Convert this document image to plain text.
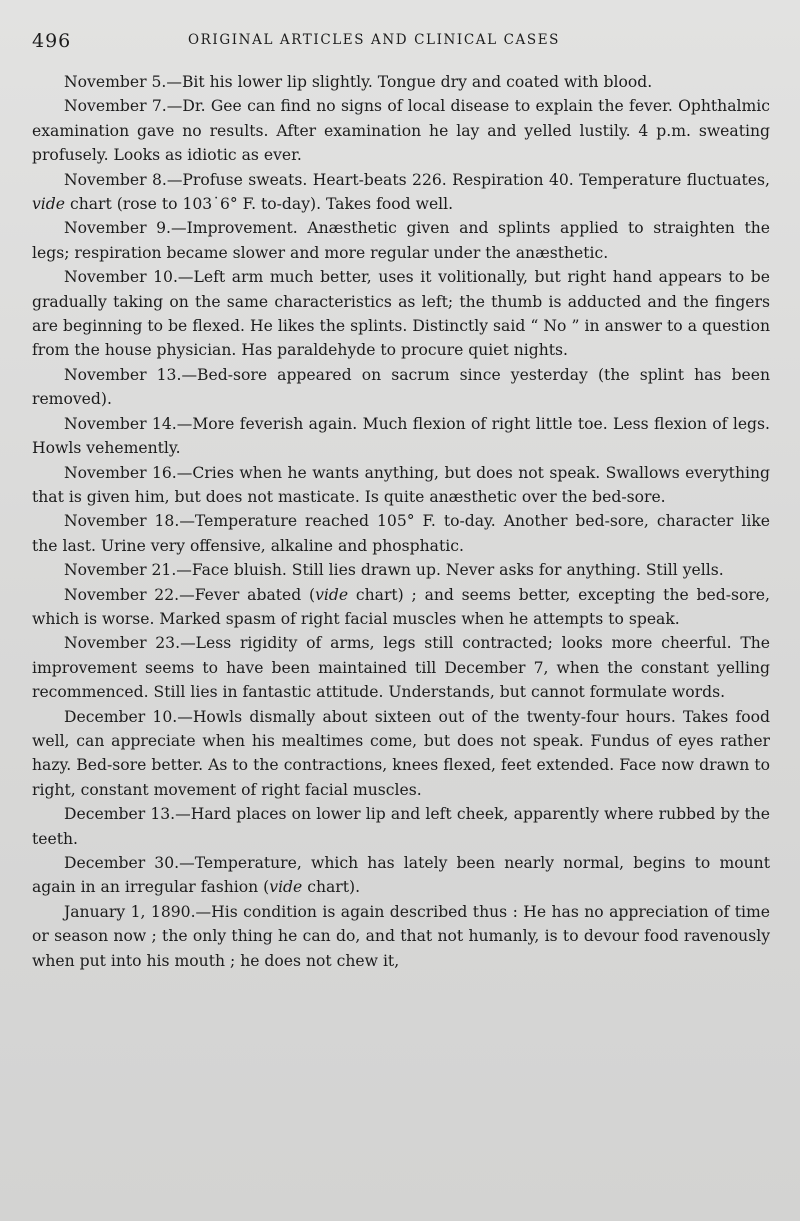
496	ORIGINAL ARTICLES AND CLINICAL CASES

November 5.—Bit his lower lip slightly. Tongue dry and coated with blood.

November 7.—Dr. Gee can find no signs of local disease to explain the fever. Ophthalmic examination gave no results. After examination he lay and yelled lustily. 4 p.m. sweating profusely. Looks as idiotic as ever.

November 8.—Profuse sweats. Heart-beats 226. Respiration 40. Temperature fluctuates, vide chart (rose to 103˙6° F. to-day). Takes food well.

November 9.—Improvement. Anæsthetic given and splints applied to straighten the legs; respiration became slower and more regular under the anæsthetic.

November 10.—Left arm much better, uses it volitionally, but right hand appears to be gradually taking on the same characteristics as left; the thumb is adducted and the fingers are beginning to be flexed. He likes the splints. Distinctly said “ No ” in answer to a question from the house physician. Has paraldehyde to procure quiet nights.

November 13.—Bed-sore appeared on sacrum since yesterday (the splint has been removed).

November 14.—More feverish again. Much flexion of right little toe. Less flexion of legs. Howls vehemently.

November 16.—Cries when he wants anything, but does not speak. Swallows everything that is given him, but does not masticate. Is quite anæsthetic over the bed-sore.

November 18.—Temperature reached 105° F. to-day. Another bed-sore, character like the last. Urine very offensive, alkaline and phosphatic.

November 21.—Face bluish. Still lies drawn up. Never asks for anything. Still yells.

November 22.—Fever abated (vide chart) ; and seems better, excepting the bed-sore, which is worse. Marked spasm of right facial muscles when he attempts to speak.

November 23.—Less rigidity of arms, legs still contracted; looks more cheerful. The improvement seems to have been maintained till December 7, when the constant yelling recommenced. Still lies in fantastic attitude. Understands, but cannot formulate words.

December 10.—Howls dismally about sixteen out of the twenty-four hours. Takes food well, can appreciate when his mealtimes come, but does not speak. Fundus of eyes rather hazy. Bed-sore better. As to the contractions, knees flexed, feet extended. Face now drawn to right, constant movement of right facial muscles.

December 13.—Hard places on lower lip and left cheek, apparently where rubbed by the teeth.

December 30.—Temperature, which has lately been nearly normal, begins to mount again in an irregular fashion (vide chart).

January 1, 1890.—His condition is again described thus : He has no appreciation of time or season now ; the only thing he can do, and that not humanly, is to devour food ravenously when put into his mouth ; he does not chew it,
